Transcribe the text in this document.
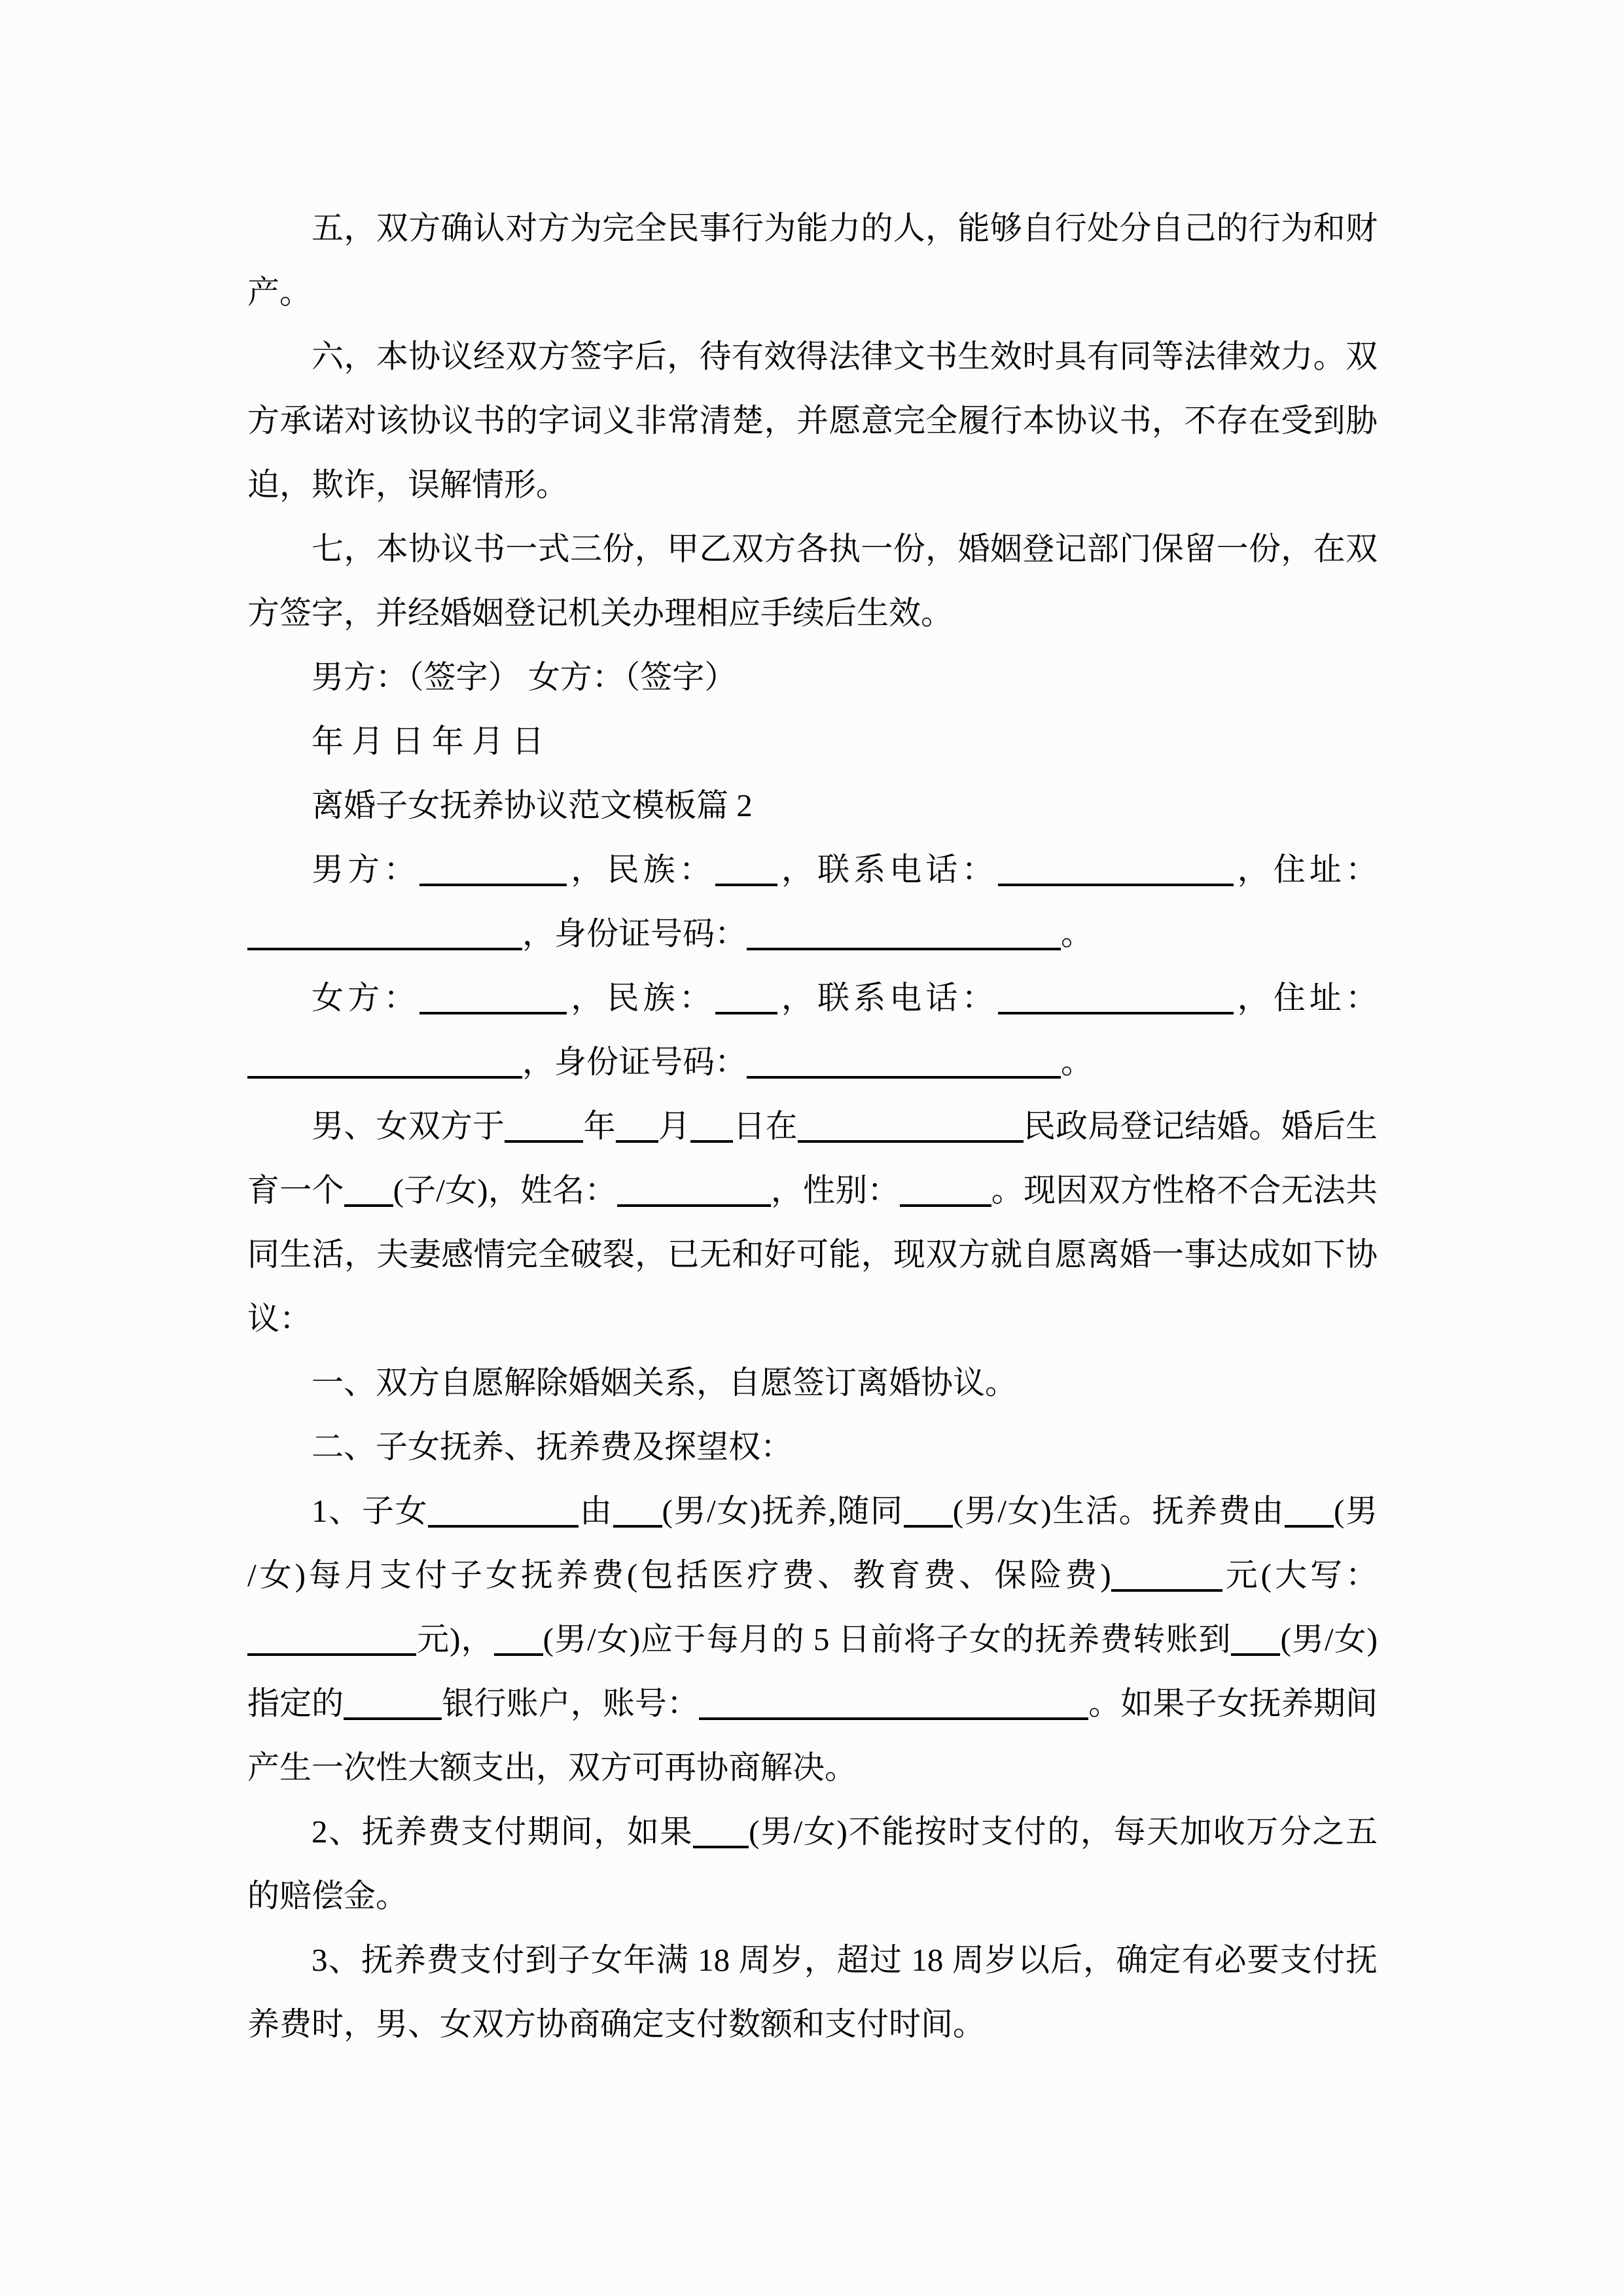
五，双方确认对方为完全民事行为能力的人，能够自行处分自己的行为和财
产。
六，本协议经双方签字后，待有效得法律文书生效时具有同等法律效力。双
方承诺对该协议书的字词义非常清楚，并愿意完全履行本协议书，不存在受到胁
迫，欺诈，误解情形。
七，本协议书一式三份，甲乙双方各执一份，婚姻登记部门保留一份，在双
方签字，并经婚姻登记机关办理相应手续后生效。
男方：（签字） 女方：（签字）
年 月 日 年 月 日
离婚子女抚养协议范文模板篇 2
男方：	，民族： ，联系电话：	，住址：
，身份证号码：	。
女方：	，民族： ，联系电话：	，住址：
，身份证号码：	。
男、女双方于 年 月 日在	民政局登记结婚。婚后生
育一个 (子/女)，姓名：	，性别：	。现因双方性格不合无法共
同生活，夫妻感情完全破裂，已无和好可能，现双方就自愿离婚一事达成如下协
议：
一、双方自愿解除婚姻关系，自愿签订离婚协议。
二、子女抚养、抚养费及探望权：
1、子女	由 (男/女)抚养,随同 (男/女)生活。抚养费由 (男
/女)每月支付子女抚养费(包括医疗费、教育费、保险费)	元(大写：
元)， (男/女)应于每月的 5 日前将子女的抚养费转账到 (男/女)
指定的	银行账户，账号：	。如果子女抚养期间
产生一次性大额支出，双方可再协商解决。
2、抚养费支付期间，如果 (男/女)不能按时支付的，每天加收万分之五
的赔偿金。
3、抚养费支付到子女年满 18 周岁，超过 18 周岁以后，确定有必要支付抚
养费时，男、女双方协商确定支付数额和支付时间。
